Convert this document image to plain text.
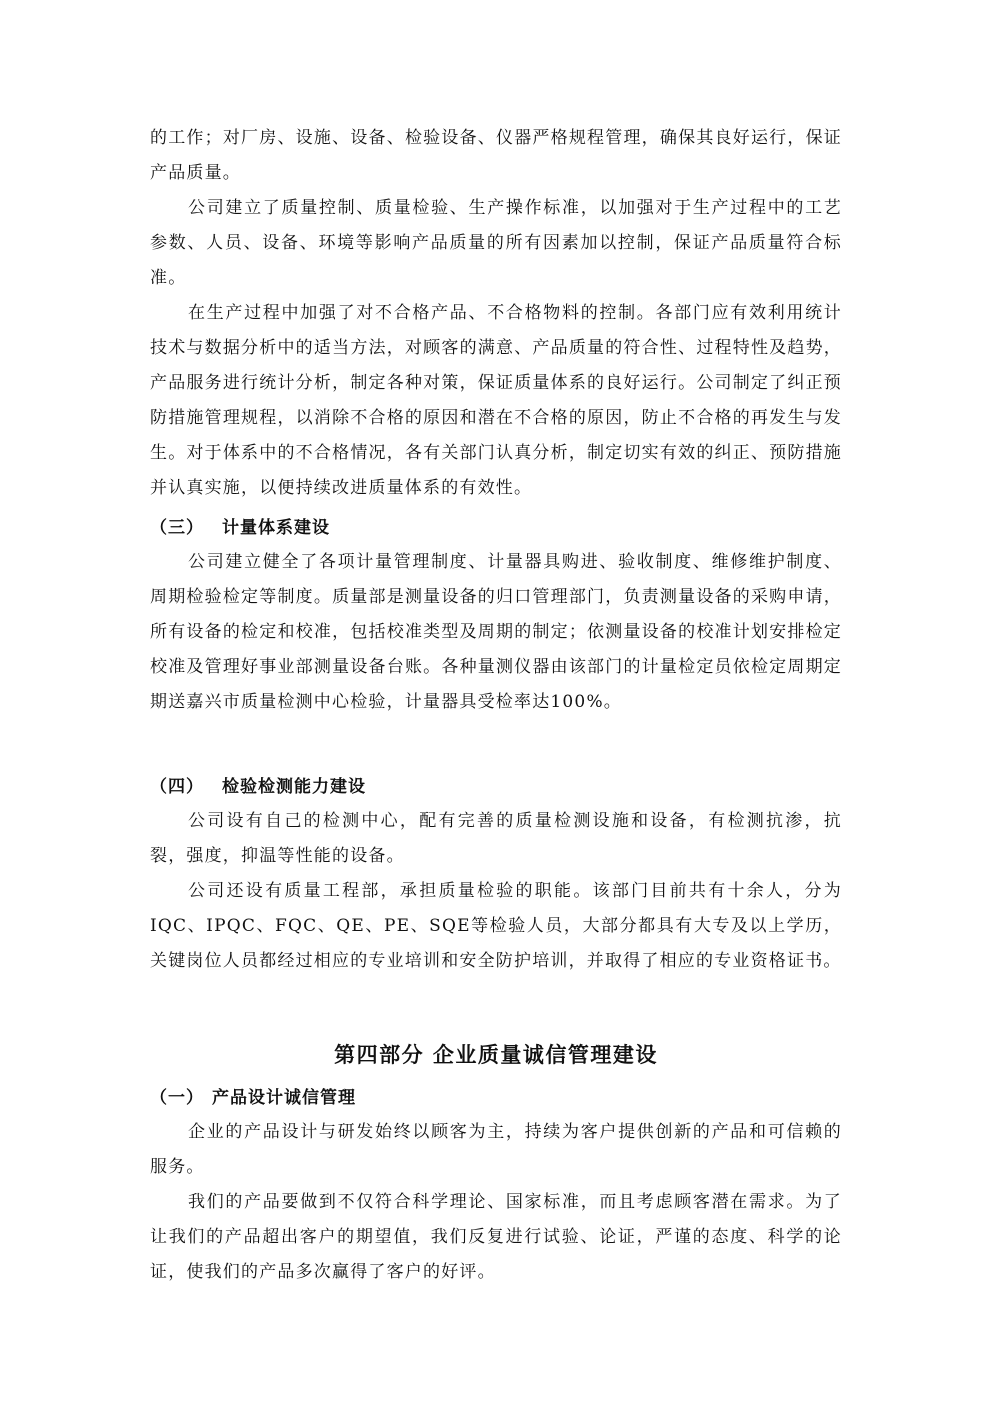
的工作；对厂房、设施、设备、检验设备、仪器严格规程管理，确保其良好运行，保证产品质量。

公司建立了质量控制、质量检验、生产操作标准，以加强对于生产过程中的工艺参数、人员、设备、环境等影响产品质量的所有因素加以控制，保证产品质量符合标准。

在生产过程中加强了对不合格产品、不合格物料的控制。各部门应有效利用统计技术与数据分析中的适当方法，对顾客的满意、产品质量的符合性、过程特性及趋势，产品服务进行统计分析，制定各种对策，保证质量体系的良好运行。公司制定了纠正预防措施管理规程，以消除不合格的原因和潜在不合格的原因，防止不合格的再发生与发生。对于体系中的不合格情况，各有关部门认真分析，制定切实有效的纠正、预防措施并认真实施，以便持续改进质量体系的有效性。

（三） 计量体系建设

公司建立健全了各项计量管理制度、计量器具购进、验收制度、维修维护制度、周期检验检定等制度。质量部是测量设备的归口管理部门，负责测量设备的采购申请，所有设备的检定和校准，包括校准类型及周期的制定；依测量设备的校准计划安排检定校准及管理好事业部测量设备台账。各种量测仪器由该部门的计量检定员依检定周期定期送嘉兴市质量检测中心检验，计量器具受检率达100%。

（四） 检验检测能力建设

公司设有自己的检测中心，配有完善的质量检测设施和设备，有检测抗渗，抗裂，强度，抑温等性能的设备。

公司还设有质量工程部，承担质量检验的职能。该部门目前共有十余人，分为IQC、IPQC、FQC、QE、PE、SQE等检验人员，大部分都具有大专及以上学历，关键岗位人员都经过相应的专业培训和安全防护培训，并取得了相应的专业资格证书。

第四部分 企业质量诚信管理建设
（一） 产品设计诚信管理

企业的产品设计与研发始终以顾客为主，持续为客户提供创新的产品和可信赖的服务。

我们的产品要做到不仅符合科学理论、国家标准，而且考虑顾客潜在需求。为了让我们的产品超出客户的期望值，我们反复进行试验、论证，严谨的态度、科学的论证，使我们的产品多次赢得了客户的好评。
